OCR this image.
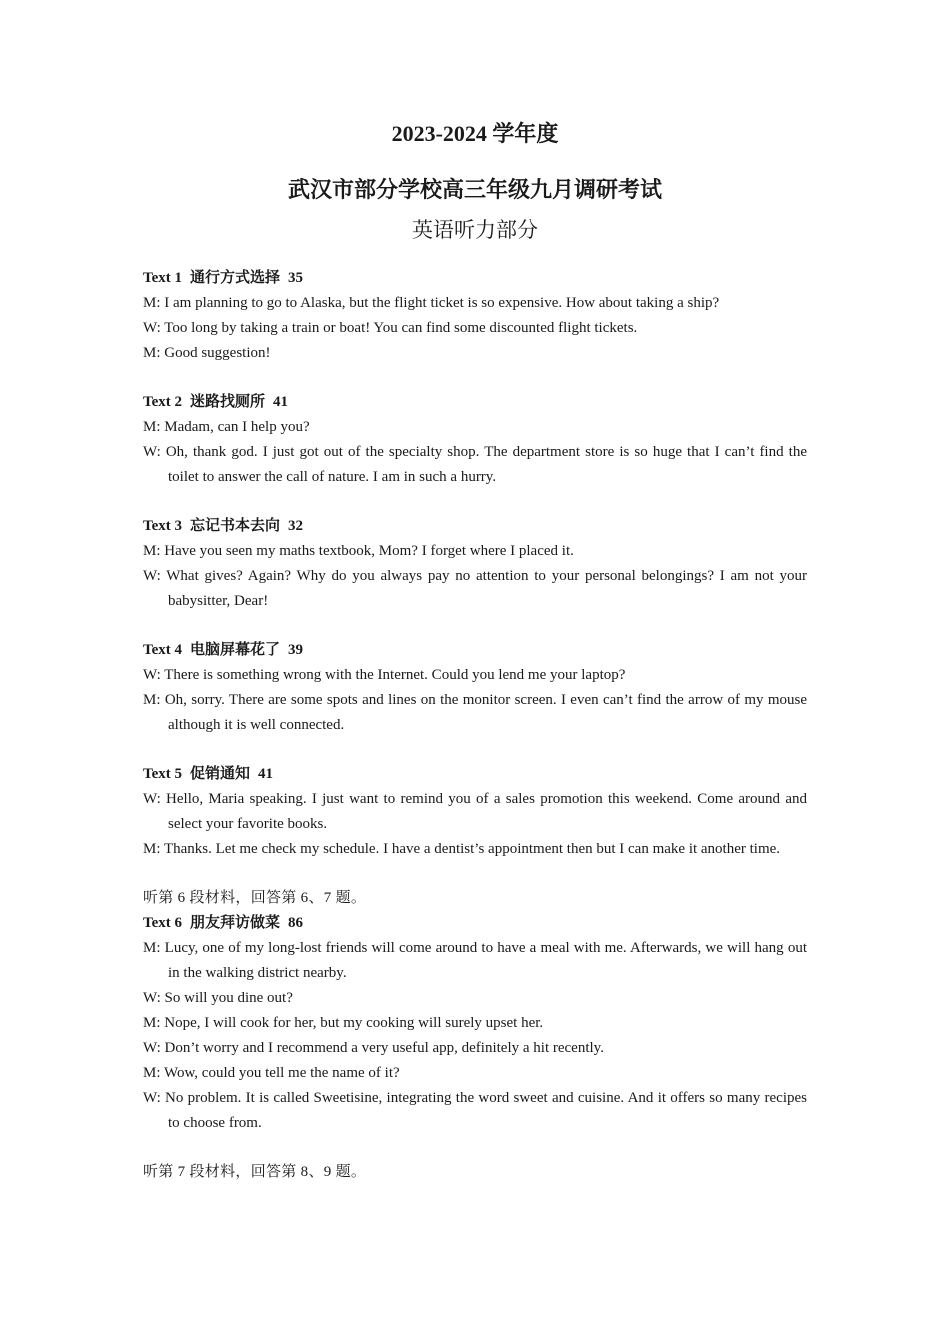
2023-2024 学年度
武汉市部分学校高三年级九月调研考试
英语听力部分
Text 1 通行方式选择 35
M: I am planning to go to Alaska, but the flight ticket is so expensive. How about taking a ship?
W: Too long by taking a train or boat! You can find some discounted flight tickets.
M: Good suggestion!
Text 2 迷路找厕所 41
M: Madam, can I help you?
W: Oh, thank god. I just got out of the specialty shop. The department store is so huge that I can’t find the toilet to answer the call of nature. I am in such a hurry.
Text 3 忘记书本去向 32
M: Have you seen my maths textbook, Mom? I forget where I placed it.
W: What gives? Again? Why do you always pay no attention to your personal belongings? I am not your babysitter, Dear!
Text 4 电脑屏幕花了 39
W: There is something wrong with the Internet. Could you lend me your laptop?
M: Oh, sorry. There are some spots and lines on the monitor screen. I even can’t find the arrow of my mouse although it is well connected.
Text 5 促销通知 41
W: Hello, Maria speaking. I just want to remind you of a sales promotion this weekend. Come around and select your favorite books.
M: Thanks. Let me check my schedule. I have a dentist’s appointment then but I can make it another time.
听第 6 段材料，回答第 6、7 题。
Text 6 朋友拜访做菜 86
M: Lucy, one of my long-lost friends will come around to have a meal with me. Afterwards, we will hang out in the walking district nearby.
W: So will you dine out?
M: Nope, I will cook for her, but my cooking will surely upset her.
W: Don’t worry and I recommend a very useful app, definitely a hit recently.
M: Wow, could you tell me the name of it?
W: No problem. It is called Sweetisine, integrating the word sweet and cuisine. And it offers so many recipes to choose from.
听第 7 段材料，回答第 8、9 题。
